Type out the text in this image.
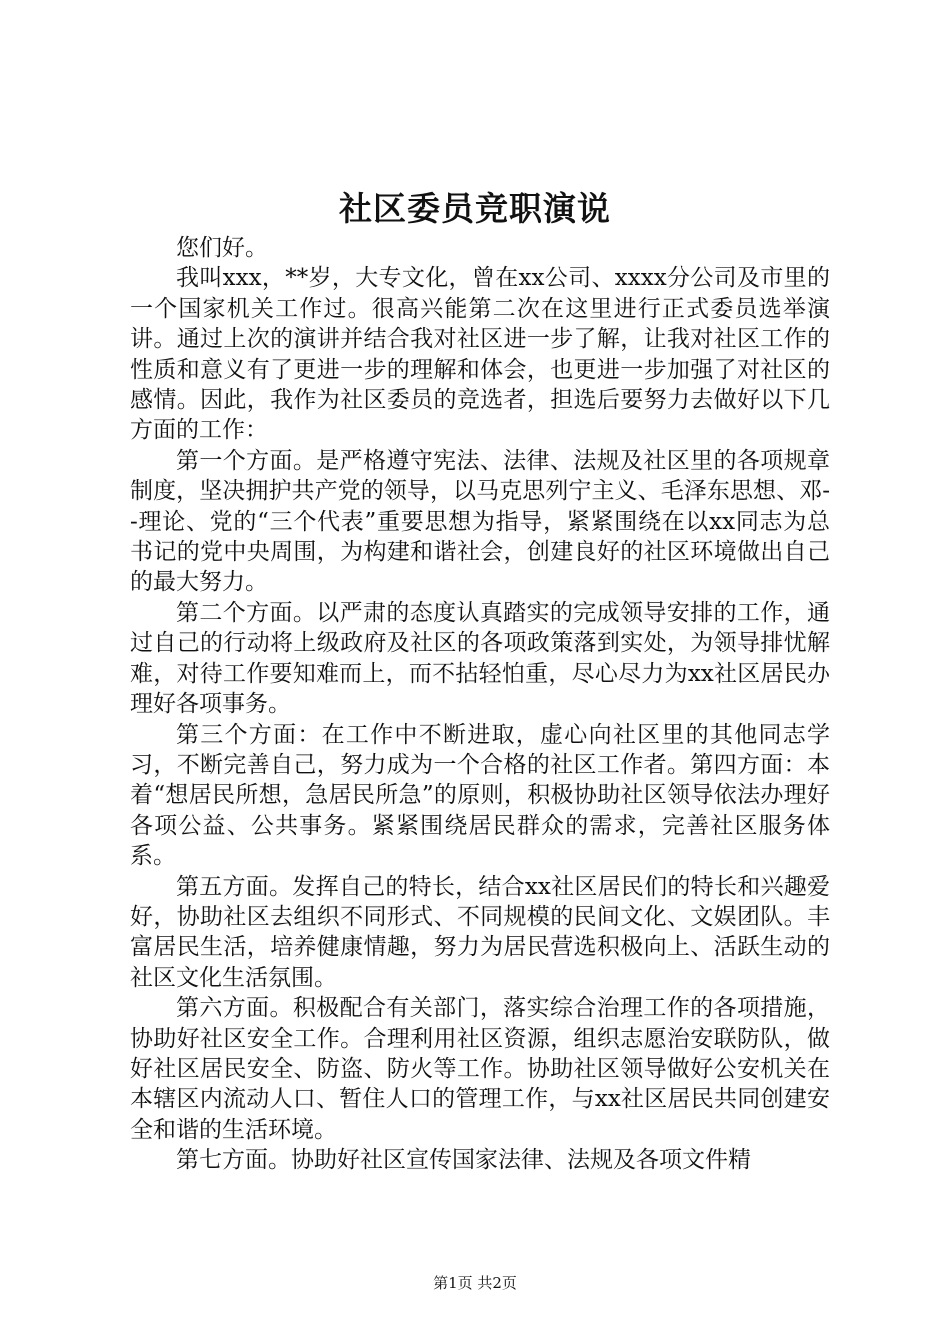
社区委员竞职演说

您们好。

我叫xxx，**岁，大专文化，曾在xx公司、xxxx分公司及市里的一个国家机关工作过。很高兴能第二次在这里进行正式委员选举演讲。通过上次的演讲并结合我对社区进一步了解，让我对社区工作的性质和意义有了更进一步的理解和体会，也更进一步加强了对社区的感情。因此，我作为社区委员的竞选者，担选后要努力去做好以下几方面的工作：

第一个方面。是严格遵守宪法、法律、法规及社区里的各项规章制度，坚决拥护共产党的领导，以马克思列宁主义、毛泽东思想、邓--理论、党的“三个代表”重要思想为指导，紧紧围绕在以xx同志为总书记的党中央周围，为构建和谐社会，创建良好的社区环境做出自己的最大努力。

第二个方面。以严肃的态度认真踏实的完成领导安排的工作，通过自己的行动将上级政府及社区的各项政策落到实处，为领导排忧解难，对待工作要知难而上，而不拈轻怕重，尽心尽力为xx社区居民办理好各项事务。

第三个方面：在工作中不断进取，虚心向社区里的其他同志学习，不断完善自己，努力成为一个合格的社区工作者。第四方面：本着“想居民所想，急居民所急”的原则，积极协助社区领导依法办理好各项公益、公共事务。紧紧围绕居民群众的需求，完善社区服务体系。

第五方面。发挥自己的特长，结合xx社区居民们的特长和兴趣爱好，协助社区去组织不同形式、不同规模的民间文化、文娱团队。丰富居民生活，培养健康情趣，努力为居民营选积极向上、活跃生动的社区文化生活氛围。

第六方面。积极配合有关部门，落实综合治理工作的各项措施，协助好社区安全工作。合理利用社区资源，组织志愿治安联防队，做好社区居民安全、防盗、防火等工作。协助社区领导做好公安机关在本辖区内流动人口、暂住人口的管理工作，与xx社区居民共同创建安全和谐的生活环境。

第七方面。协助好社区宣传国家法律、法规及各项文件精

第1页 共2页
